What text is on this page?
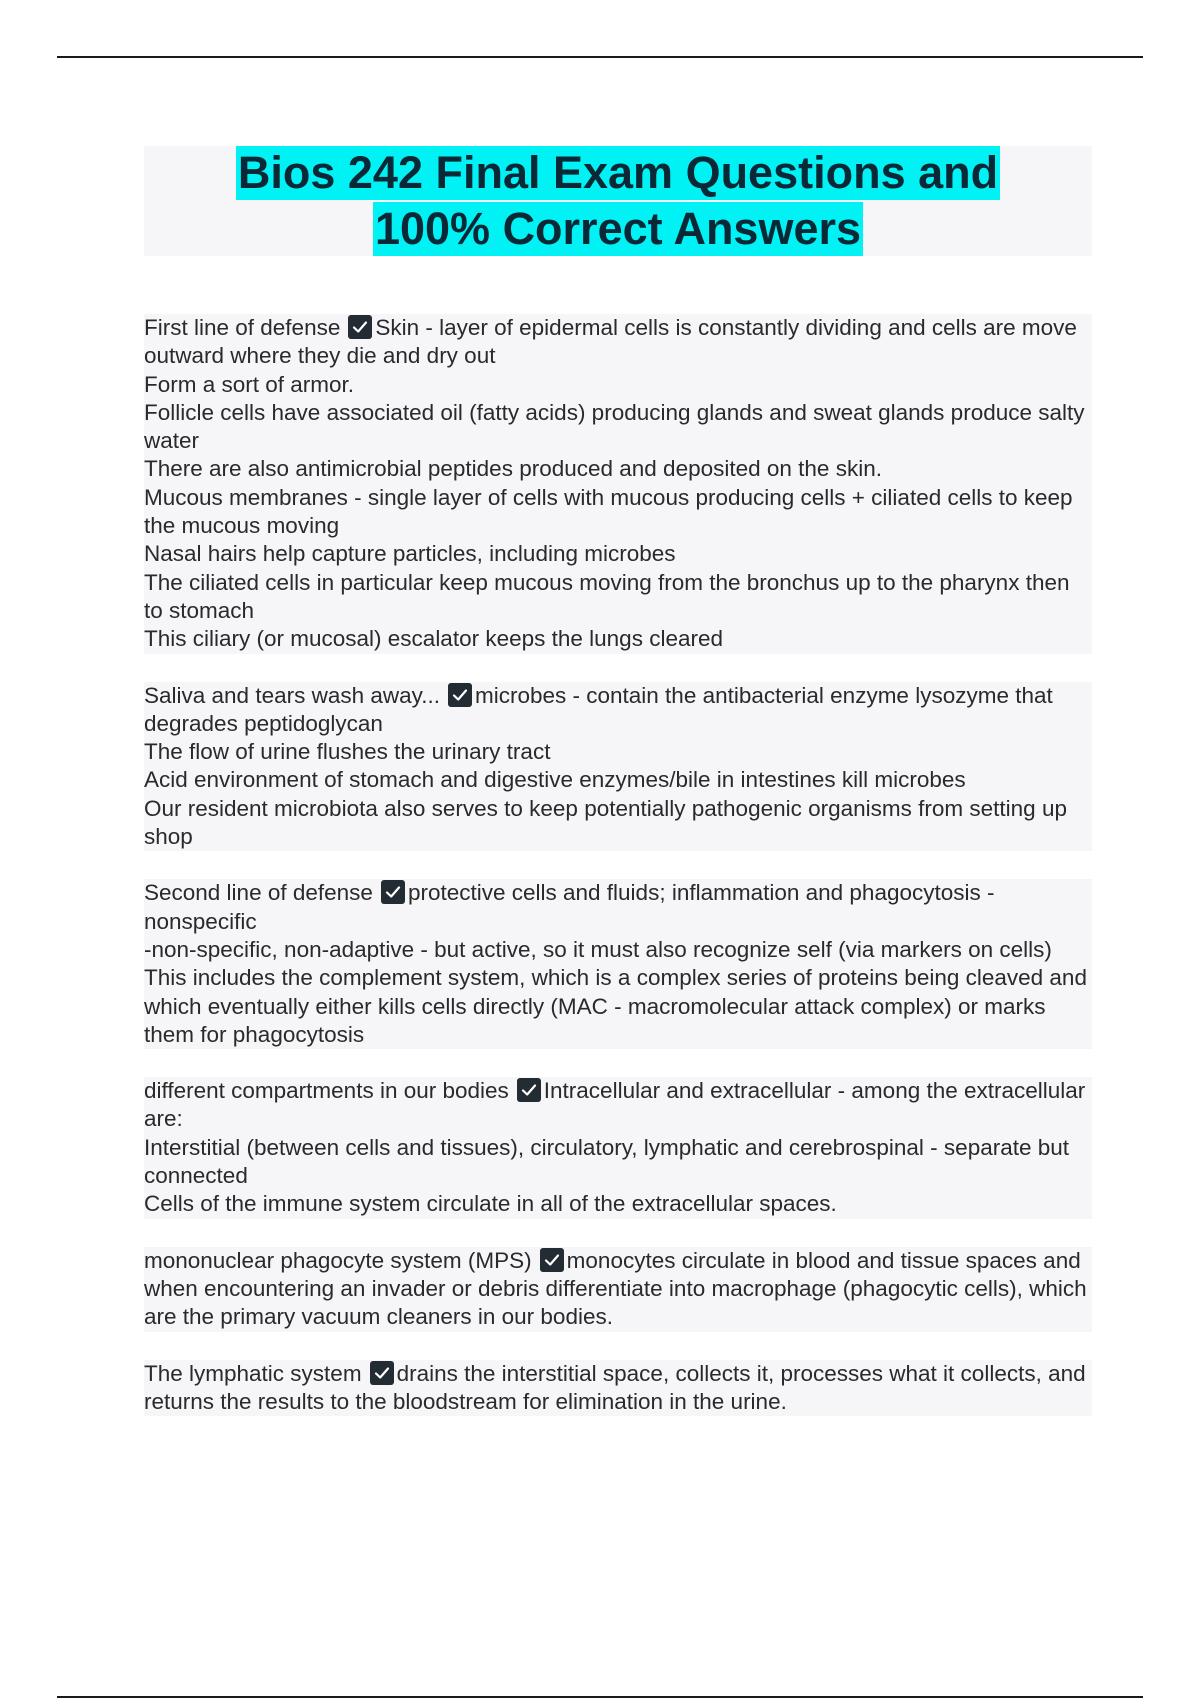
Bios 242 Final Exam Questions and
100% Correct Answers
First line of defense Skin - layer of epidermal cells is constantly dividing and cells are move outward where they die and dry out
Form a sort of armor.
Follicle cells have associated oil (fatty acids) producing glands and sweat glands produce salty water
There are also antimicrobial peptides produced and deposited on the skin.
Mucous membranes - single layer of cells with mucous producing cells + ciliated cells to keep the mucous moving
Nasal hairs help capture particles, including microbes
The ciliated cells in particular keep mucous moving from the bronchus up to the pharynx then to stomach
This ciliary (or mucosal) escalator keeps the lungs cleared
Saliva and tears wash away... microbes - contain the antibacterial enzyme lysozyme that degrades peptidoglycan
The flow of urine flushes the urinary tract
Acid environment of stomach and digestive enzymes/bile in intestines kill microbes
Our resident microbiota also serves to keep potentially pathogenic organisms from setting up shop
Second line of defense protective cells and fluids; inflammation and phagocytosis - nonspecific
-non-specific, non-adaptive - but active, so it must also recognize self (via markers on cells)
This includes the complement system, which is a complex series of proteins being cleaved and which eventually either kills cells directly (MAC - macromolecular attack complex) or marks them for phagocytosis
different compartments in our bodies Intracellular and extracellular - among the extracellular are:
Interstitial (between cells and tissues), circulatory, lymphatic and cerebrospinal - separate but connected
Cells of the immune system circulate in all of the extracellular spaces.
mononuclear phagocyte system (MPS) monocytes circulate in blood and tissue spaces and when encountering an invader or debris differentiate into macrophage (phagocytic cells), which are the primary vacuum cleaners in our bodies.
The lymphatic system drains the interstitial space, collects it, processes what it collects, and returns the results to the bloodstream for elimination in the urine.
